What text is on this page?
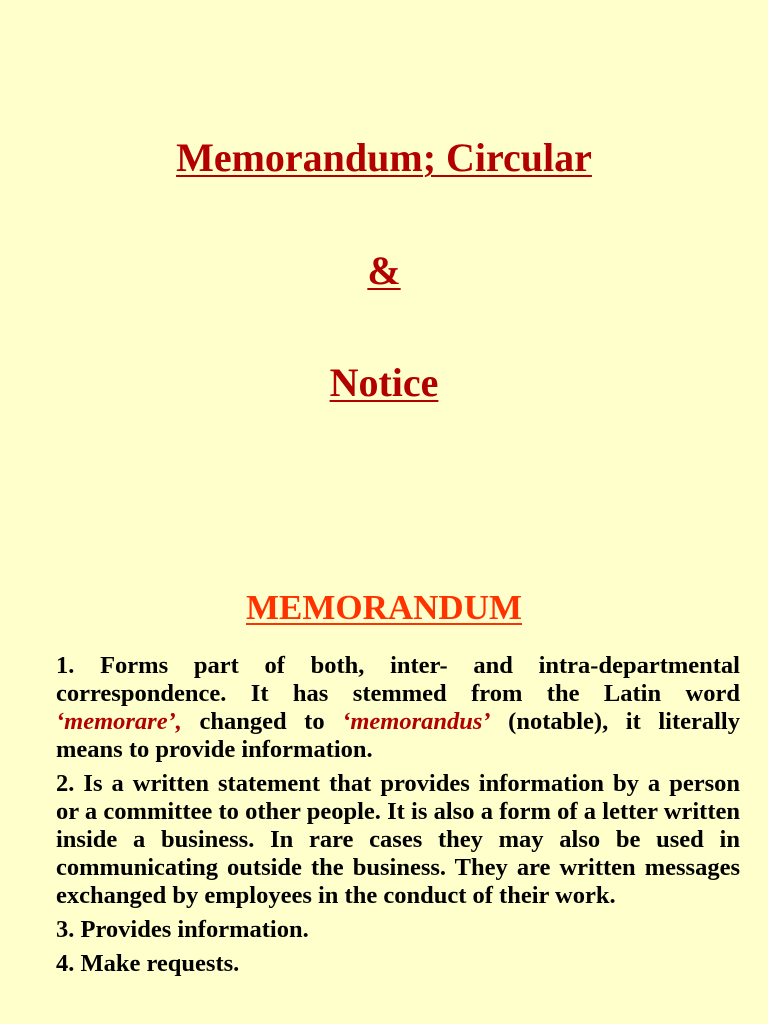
Memorandum; Circular
&
Notice
MEMORANDUM

1. Forms part of both, inter- and intra-departmental correspondence. It has stemmed from the Latin word ‘memorare’, changed to ‘memorandus’ (notable), it literally means to provide information.

2. Is a written statement that provides information by a person or a committee to other people. It is also a form of a letter written inside a business. In rare cases they may also be used in communicating outside the business. They are written messages exchanged by employees in the conduct of their work.

3. Provides information.

4. Make requests.
